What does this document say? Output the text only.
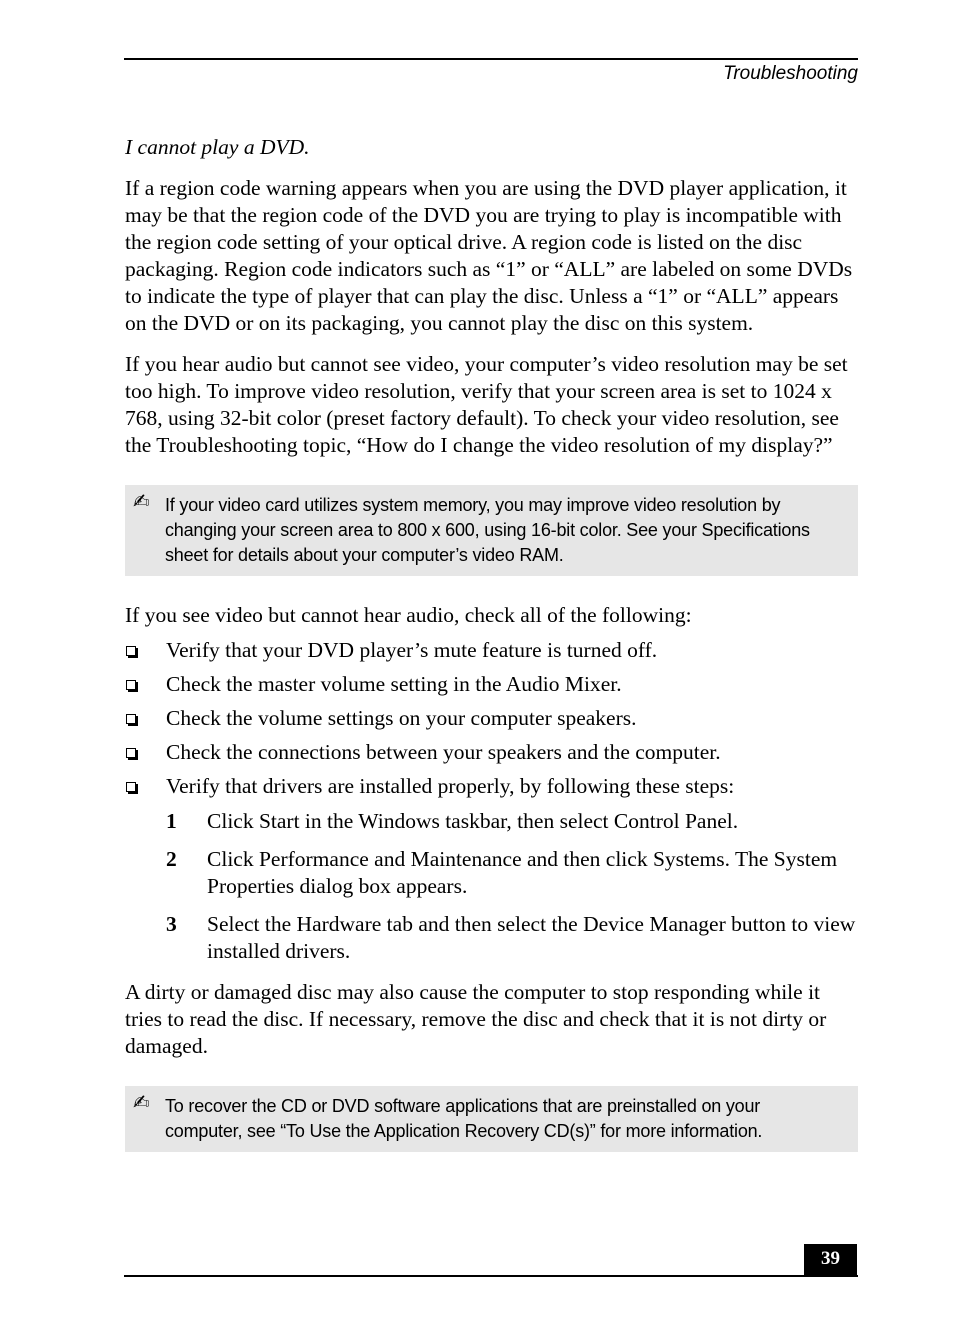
Troubleshooting

I cannot play a DVD.

If a region code warning appears when you are using the DVD player application, it may be that the region code of the DVD you are trying to play is incompatible with the region code setting of your optical drive. A region code is listed on the disc packaging. Region code indicators such as “1” or “ALL” are labeled on some DVDs to indicate the type of player that can play the disc. Unless a “1” or “ALL” appears on the DVD or on its packaging, you cannot play the disc on this system.

If you hear audio but cannot see video, your computer’s video resolution may be set too high. To improve video resolution, verify that your screen area is set to 1024 x 768, using 32-bit color (preset factory default). To check your video resolution, see the Troubleshooting topic, “How do I change the video resolution of my display?”

✍ If your video card utilizes system memory, you may improve video resolution by changing your screen area to 800 x 600, using 16-bit color. See your Specifications sheet for details about your computer’s video RAM.

If you see video but cannot hear audio, check all of the following:

Verify that your DVD player’s mute feature is turned off.
Check the master volume setting in the Audio Mixer.
Check the volume settings on your computer speakers.
Check the connections between your speakers and the computer.
Verify that drivers are installed properly, by following these steps:
1 Click Start in the Windows taskbar, then select Control Panel.
2 Click Performance and Maintenance and then click Systems. The System Properties dialog box appears.
3 Select the Hardware tab and then select the Device Manager button to view installed drivers.

A dirty or damaged disc may also cause the computer to stop responding while it tries to read the disc. If necessary, remove the disc and check that it is not dirty or damaged.

✍ To recover the CD or DVD software applications that are preinstalled on your computer, see “To Use the Application Recovery CD(s)” for more information.
39
